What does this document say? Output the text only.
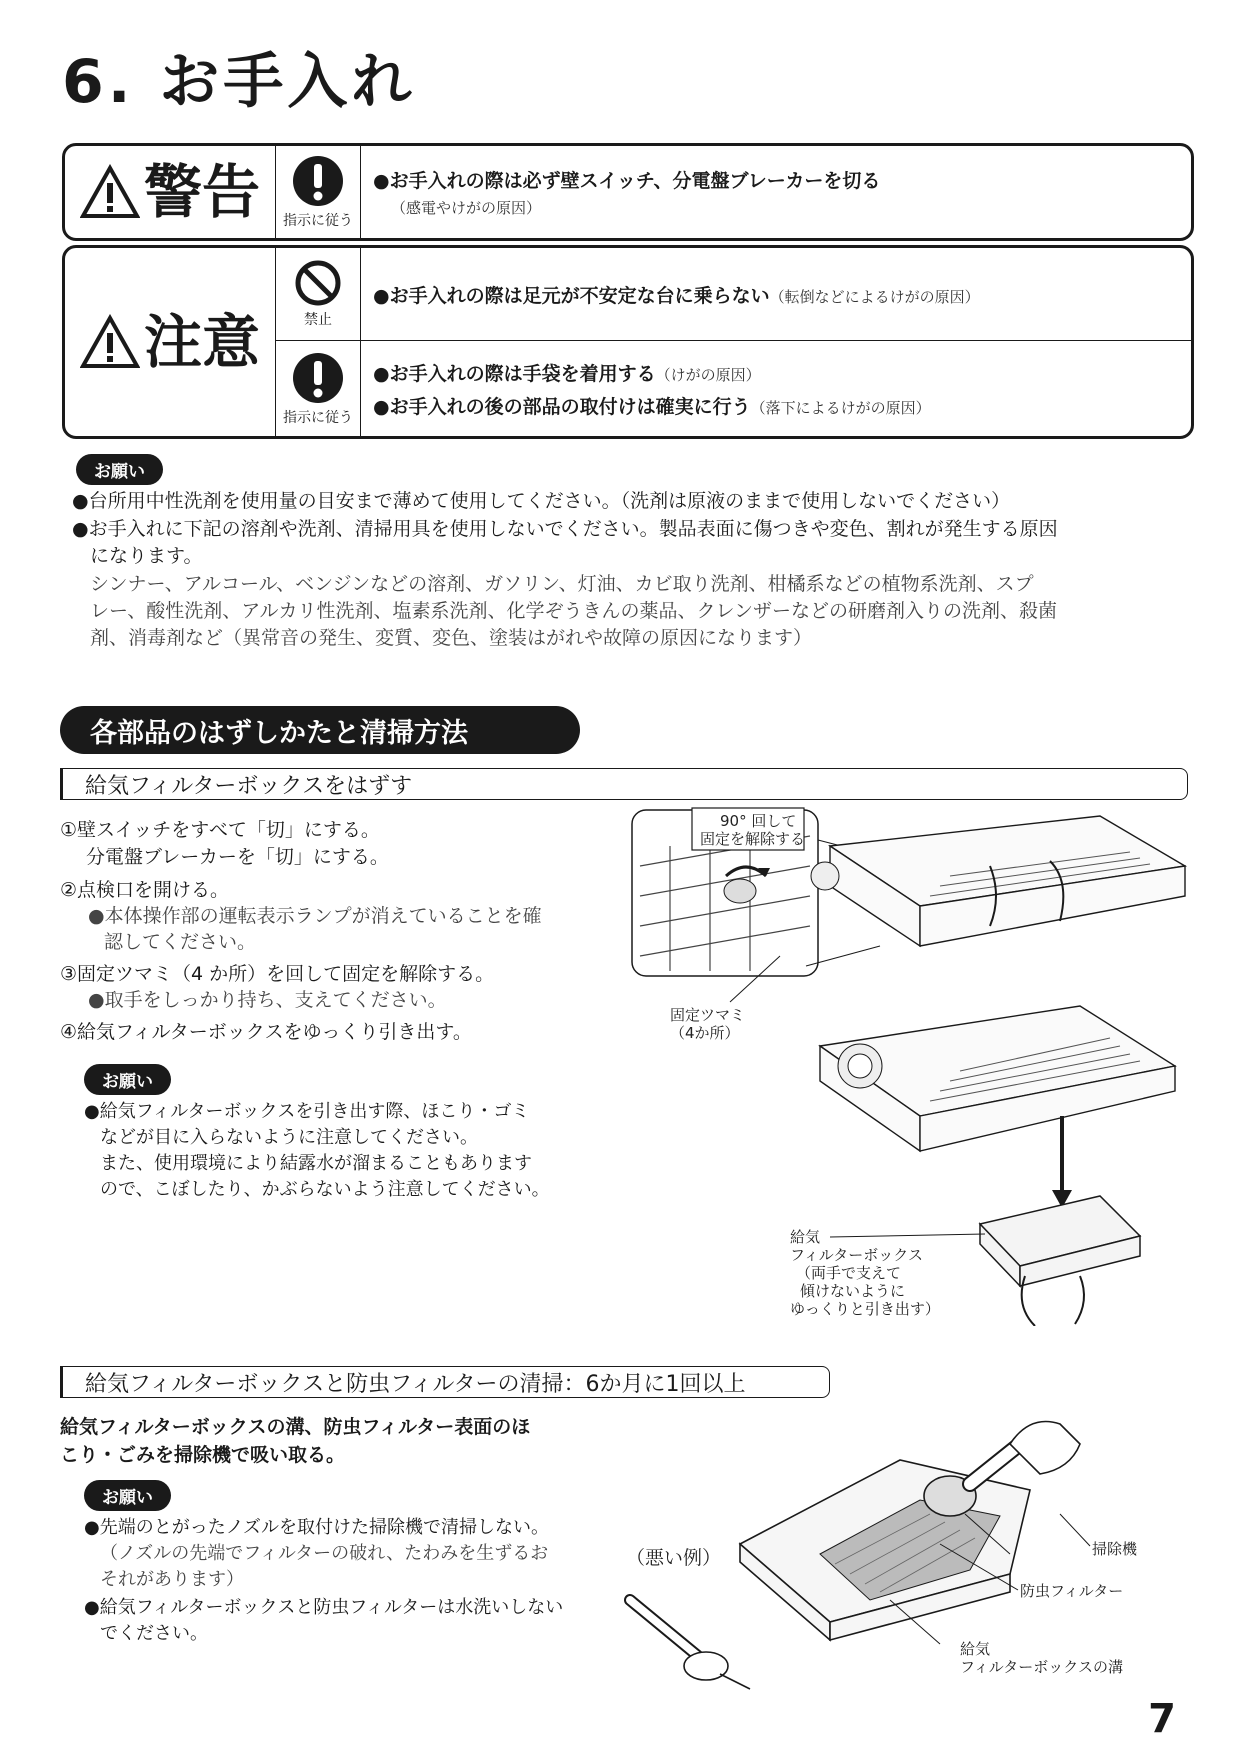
6. お手入れ
警告 指示に従う
●お手入れの際は必ず壁スイッチ、分電盤ブレーカーを切る
（感電やけがの原因）
注意	禁止
●お手入れの際は足元が不安定な台に乗らない（転倒などによるけがの原因）
指示に従う
●お手入れの際は手袋を着用する（けがの原因）
●お手入れの後の部品の取付けは確実に行う（落下によるけがの原因）
お願い
●台所用中性洗剤を使用量の目安まで薄めて使用してください。（洗剤は原液のままで使用しないでください）
●お手入れに下記の溶剤や洗剤、清掃用具を使用しないでください。製品表面に傷つきや変色、割れが発生する原因
になります。
シンナー、アルコール、ベンジンなどの溶剤、ガソリン、灯油、カビ取り洗剤、柑橘系などの植物系洗剤、スプ
レー、酸性洗剤、アルカリ性洗剤、塩素系洗剤、化学ぞうきんの薬品、クレンザーなどの研磨剤入りの洗剤、殺菌
剤、消毒剤など（異常音の発生、変質、変色、塗装はがれや故障の原因になります）
各部品のはずしかたと清掃方法
給気フィルターボックスをはずす
①壁スイッチをすべて「切」にする。
分電盤ブレーカーを「切」にする。
②点検口を開ける。
●本体操作部の運転表示ランプが消えていることを確
認してください。
③固定ツマミ（4 か所）を回して固定を解除する。
●取手をしっかり持ち、支えてください。
④給気フィルターボックスをゆっくり引き出す。
お願い
●給気フィルターボックスを引き出す際、ほこり・ゴミ
などが目に入らないように注意してください。
また、使用環境により結露水が溜まることもあります
ので、こぼしたり、かぶらないよう注意してください。
90° 回して
固定を解除する
固定ツマミ
（4か所）
給気
フィルターボックス
（両手で支えて
傾けないように
ゆっくりと引き出す）
給気フィルターボックスと防虫フィルターの清掃：6か月に1回以上
給気フィルターボックスの溝、防虫フィルター表面のほ
こり・ごみを掃除機で吸い取る。
お願い
●先端のとがったノズルを取付けた掃除機で清掃しない。
（ノズルの先端でフィルターの破れ、たわみを生ずるお
それがあります）
●給気フィルターボックスと防虫フィルターは水洗いしない
でください。
（悪い例）	掃除機
防虫フィルター
給気
フィルターボックスの溝
7
